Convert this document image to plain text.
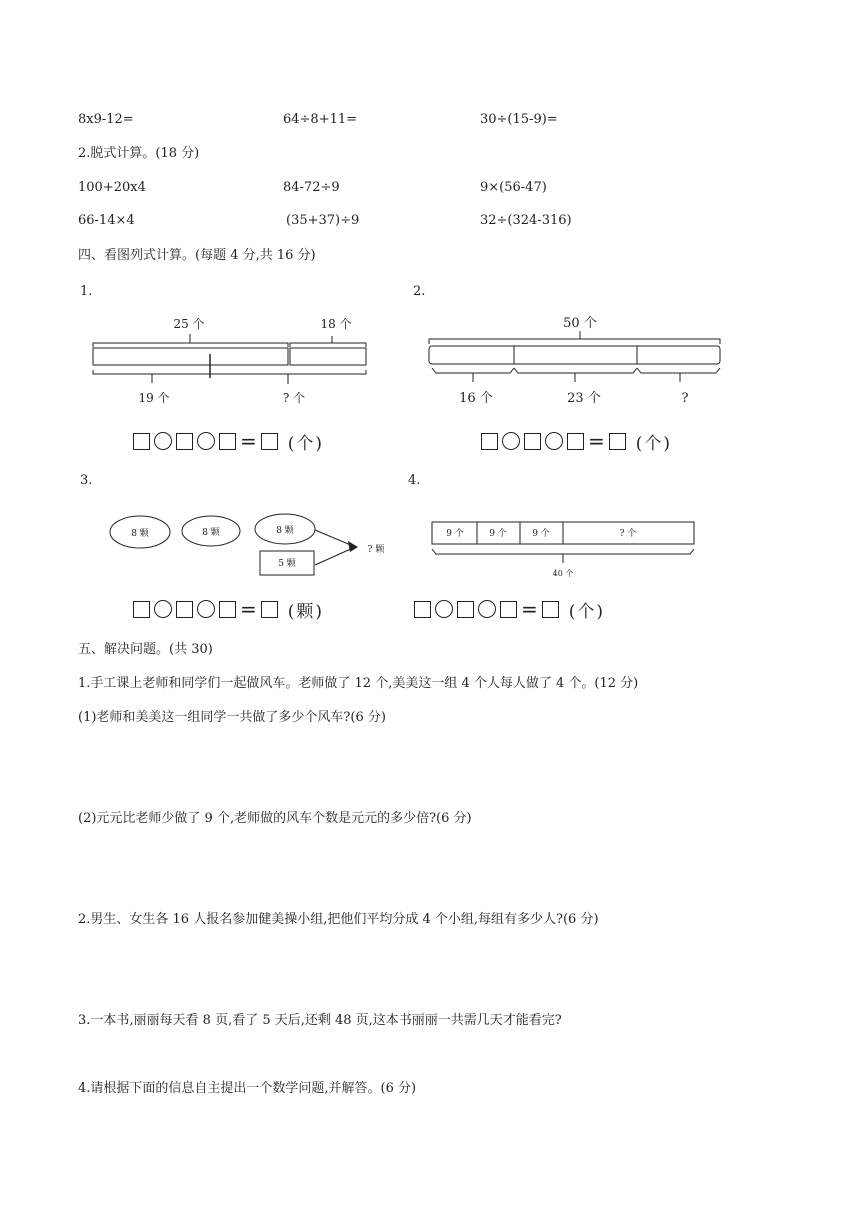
8x9-12=	64÷8+11=	30÷(15-9)=
2.脱式计算。(18 分)
100+20x4	84-72÷9	9×(56-47)
66-14×4	(35+37)÷9	32÷(324-316)
四、看图列式计算。(每题 4 分,共 16 分)
1.	2.
3.	4.
25 个	18 个
19 个	? 个
50 个
16 个	23 个	?
8 颗	8 颗	8 颗
5 颗
? 颗
9 个	9 个	9 个	? 个
40 个
= (个)	= (个)
= (颗)	= (个)
五、解决问题。(共 30)
1.手工课上老师和同学们一起做风车。老师做了 12 个,美美这一组 4 个人每人做了 4 个。(12 分)
(1)老师和美美这一组同学一共做了多少个风车?(6 分)
(2)元元比老师少做了 9 个,老师做的风车个数是元元的多少倍?(6 分)
2.男生、女生各 16 人报名参加健美操小组,把他们平均分成 4 个小组,每组有多少人?(6 分)
3.一本书,丽丽每天看 8 页,看了 5 天后,还剩 48 页,这本书丽丽一共需几天才能看完?
4.请根据下面的信息自主提出一个数学问题,并解答。(6 分)
